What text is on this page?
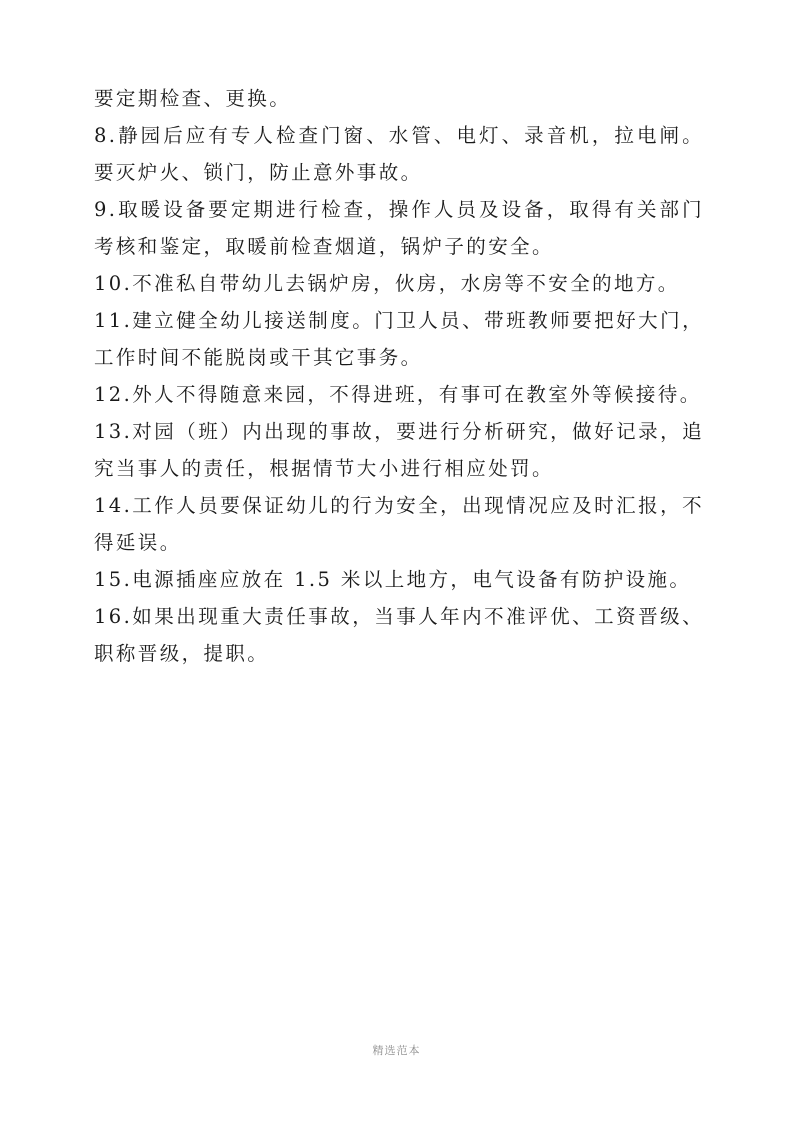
要定期检查、更换。

8.静园后应有专人检查门窗、水管、电灯、录音机，拉电闸。要灭炉火、锁门，防止意外事故。

9.取暖设备要定期进行检查，操作人员及设备，取得有关部门考核和鉴定，取暖前检查烟道，锅炉子的安全。

10.不准私自带幼儿去锅炉房，伙房，水房等不安全的地方。

11.建立健全幼儿接送制度。门卫人员、带班教师要把好大门，工作时间不能脱岗或干其它事务。

12.外人不得随意来园，不得进班，有事可在教室外等候接待。

13.对园（班）内出现的事故，要进行分析研究，做好记录，追究当事人的责任，根据情节大小进行相应处罚。

14.工作人员要保证幼儿的行为安全，出现情况应及时汇报，不得延误。

15.电源插座应放在 1.5 米以上地方，电气设备有防护设施。

16.如果出现重大责任事故，当事人年内不准评优、工资晋级、职称晋级，提职。

精选范本
